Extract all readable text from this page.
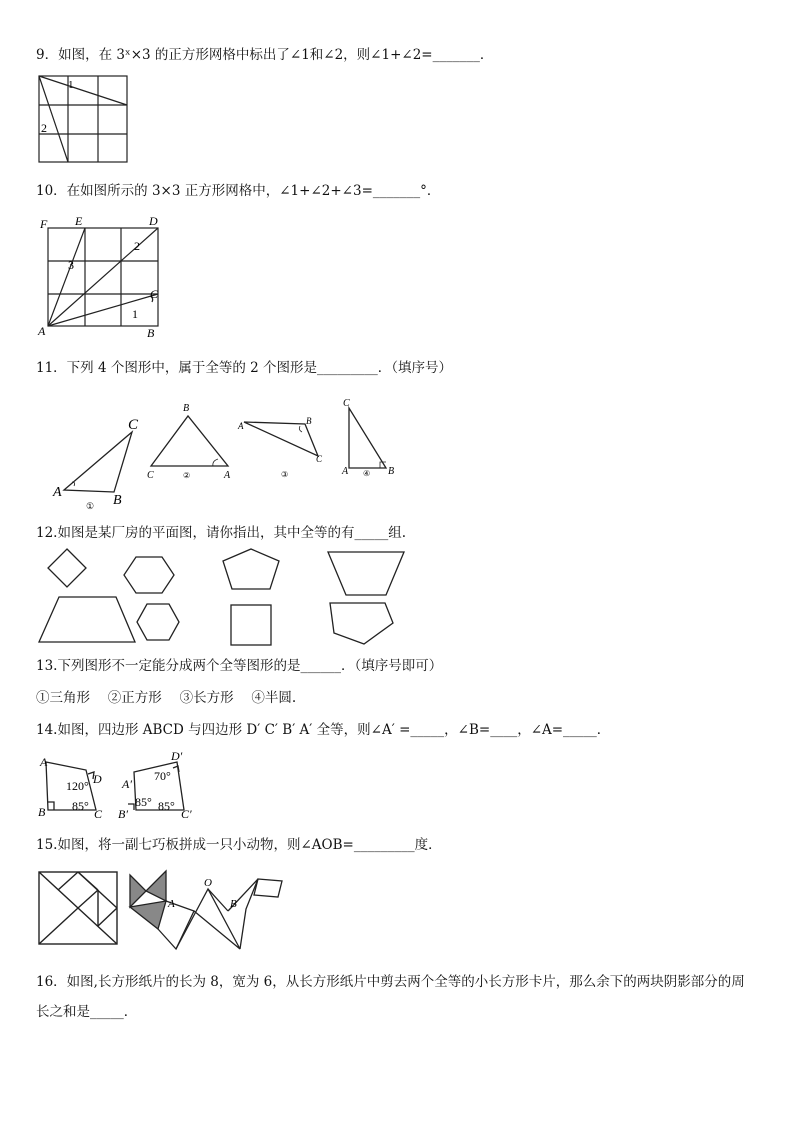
9．如图，在 3ˣ×3 的正方形网格中标出了∠1和∠2，则∠1+∠2=_______．
10．在如图所示的 3×3 正方形网格中，∠1+∠2+∠3=_______°．
11．下列 4 个图形中，属于全等的 2 个图形是_________．（填序号）
12.如图是某厂房的平面图，请你指出，其中全等的有_____组.
13.下列图形不一定能分成两个全等图形的是______．（填序号即可）
①三角形　 ②正方形　 ③长方形　 ④半圆.
14.如图，四边形 ABCD 与四边形 D′ C′ B′ A′ 全等，则∠A′ =_____，∠B=____，∠A=_____．
15.如图，将一副七巧板拼成一只小动物，则∠AOB=_________度．
16．如图,长方形纸片的长为 8，宽为 6，从长方形纸片中剪去两个全等的小长方形卡片，那么余下的两块阴影部分的周
长之和是_____．
1
2
F E	D
2
3
C
1
A	B
C
A
B
①
B
C	A
②
A	B
C
③
C
A	B
④
A
D
120°
B 85°
C
D′
70°
A′
85°
B′
85°
C′
O
A	B
